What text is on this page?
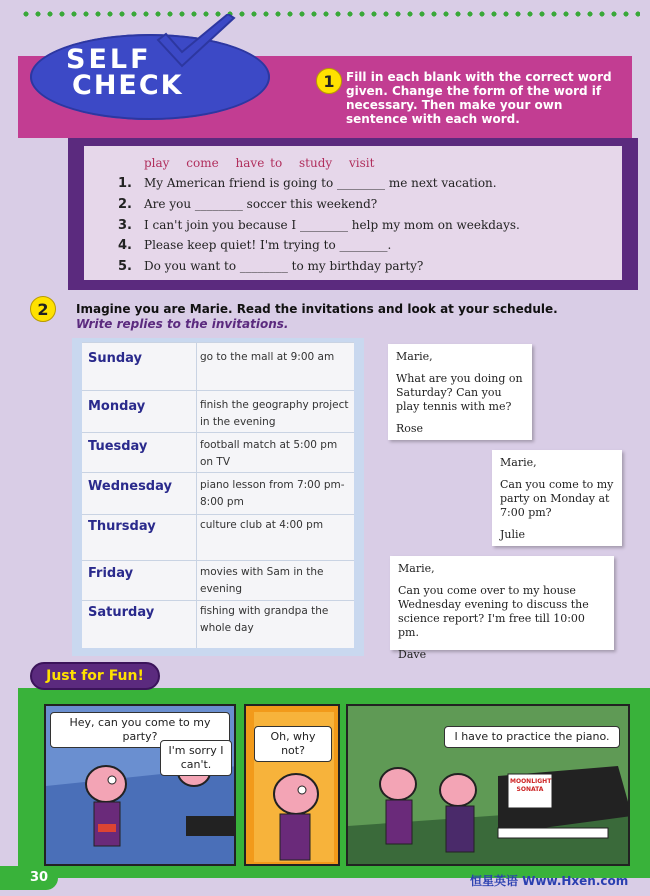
SELF
CHECK	1 Fill in each blank with the correct word given. Change the form of the word if necessary. Then make your own sentence with each word.
play come have to study visit
1. My American friend is going to ________ me next vacation.
2. Are you ________ soccer this weekend?
3. I can't join you because I ________ help my mom on weekdays.
4. Please keep quiet! I'm trying to ________.
5. Do you want to ________ to my birthday party?
2	Imagine you are Marie. Read the invitations and look at your schedule.
Write replies to the invitations.
Sunday	go to the mall at 9:00 am
Monday	finish the geography project in the evening
Tuesday	football match at 5:00 pm on TV
Wednesday	piano lesson from 7:00 pm-8:00 pm
Thursday	culture club at 4:00 pm
Friday	movies with Sam in the evening
Saturday	fishing with grandpa the whole day

Marie,

What are you doing on Saturday? Can you play tennis with me?

Rose

Marie,

Can you come to my party on Monday at 7:00 pm?

Julie

Marie,

Can you come over to my house Wednesday evening to discuss the science report? I'm free till 10:00 pm.

Dave
Just for Fun!
Hey, can you come to my party?
I'm sorry I can't.
Oh, why not?
MOONLIGHT SONATA
I have to practice the piano.
30	恒星英语 Www.Hxen.com
